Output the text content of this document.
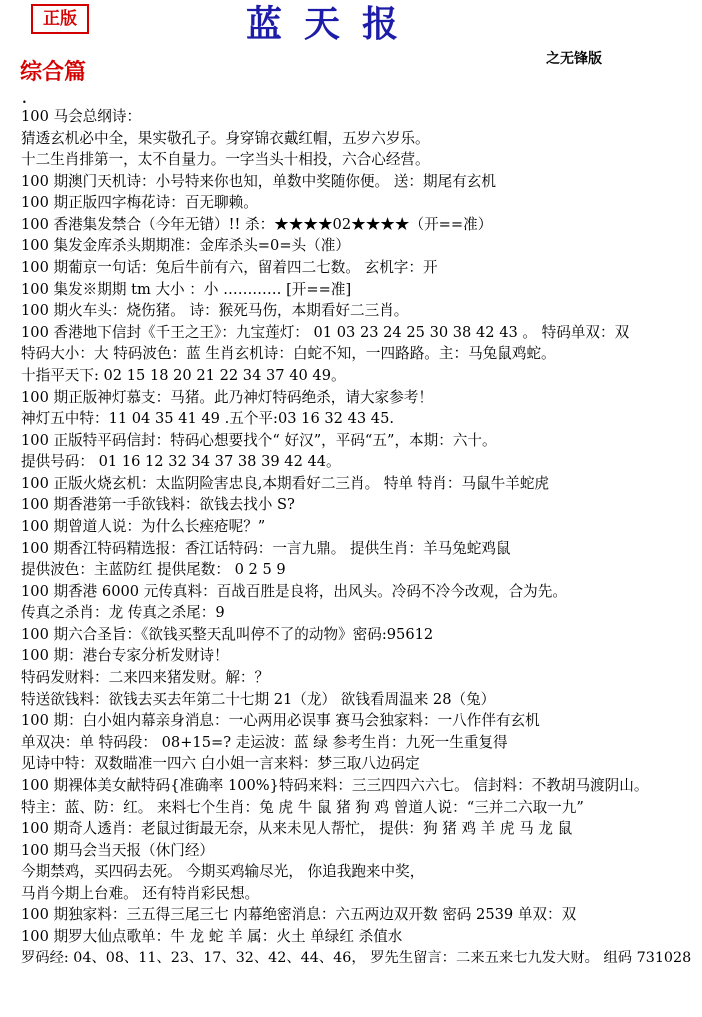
正版	蓝天报
之无锋版
综合篇
•
100 马会总纲诗：
猜透玄机必中全，果实敬孔子。身穿锦衣戴红帽，五岁六岁乐。
十二生肖排第一，太不自量力。一字当头十相投，六合心经营。
100 期澳门天机诗：小号特来你也知，单数中奖随你便。 送：期尾有玄机
100 期正版四字梅花诗：百无聊赖。
100 香港集发禁合（今年无错）!! 杀：★★★★02★★★★（开==准）
100 集发金库杀头期期准：金库杀头=0=头（准）
100 期葡京一句话：兔后牛前有六，留着四二七数。 玄机字：开
100 集发※期期 tm 大小 ：小 ………… [开==准]
100 期火车头：烧伤猪。 诗：猴死马伤，本期看好二三肖。
100 香港地下信封《千王之王》：九宝莲灯： 01 03 23 24 25 30 38 42 43 。 特码单双：双
特码大小：大 特码波色：蓝 生肖玄机诗：白蛇不知，一四路路。主：马兔鼠鸡蛇。
十指平天下: 02 15 18 20 21 22 34 37 40 49。
100 期正版神灯慕支：马猪。此乃神灯特码绝杀，请大家参考！
神灯五中特：11 04 35 41 49 .五个平:03 16 32 43 45.
100 正版特平码信封：特码心想要找个“ 好汉”，平码“五”，本期：六十。
提供号码： 01 16 12 32 34 37 38 39 42 44。
100 正版火烧玄机：太监阴险害忠良,本期看好二三肖。 特单 特肖：马鼠牛羊蛇虎
100 期香港第一手欲钱料：欲钱去找小 S?
100 期曾道人说：为什么长痤疮呢？”
100 期香江特码精选报：香江话特码：一言九鼎。 提供生肖：羊马兔蛇鸡鼠
提供波色：主蓝防红 提供尾数： 0 2 5 9
100 期香港 6000 元传真料：百战百胜是良将，出风头。冷码不冷今改观，合为先。
传真之杀肖：龙 传真之杀尾：9
100 期六合圣旨：《欲钱买整天乱叫停不了的动物》密码:95612
100 期：港台专家分析发财诗！
特码发财料：二来四来猪发财。解：？
特送欲钱料：欲钱去买去年第二十七期 21（龙） 欲钱看周温来 28（兔）
100 期：白小姐内幕亲身消息：一心两用必误事 赛马会独家料：一八作伴有玄机
单双决：单 特码段： 08+15=? 走运波：蓝 绿 参考生肖：九死一生重复得
见诗中特：双数瞄准一四六 白小姐一言来料：梦三取八边码定
100 期裸体美女献特码{准确率 100%}特码来料：三三四四六六七。 信封料：不教胡马渡阴山。
特主：蓝、防：红。 来料七个生肖：兔 虎 牛 鼠 猪 狗 鸡 曾道人说：“三并二六取一九”
100 期奇人透肖：老鼠过街最无奈，从来未见人帮忙， 提供：狗 猪 鸡 羊 虎 马 龙 鼠
100 期马会当天报（休门经）
今期禁鸡，买四码去死。 今期买鸡输尽光， 你追我跑来中奖，
马肖今期上台难。 还有特肖彩民想。
100 期独家料：三五得三尾三七 内幕绝密消息：六五两边双开数 密码 2539 单双：双
100 期罗大仙点歌单：牛 龙 蛇 羊 属：火土 单绿红 杀值水
罗码经: 04、08、11、23、17、32、42、44、46， 罗先生留言：二来五来七九发大财。 组码 731028
